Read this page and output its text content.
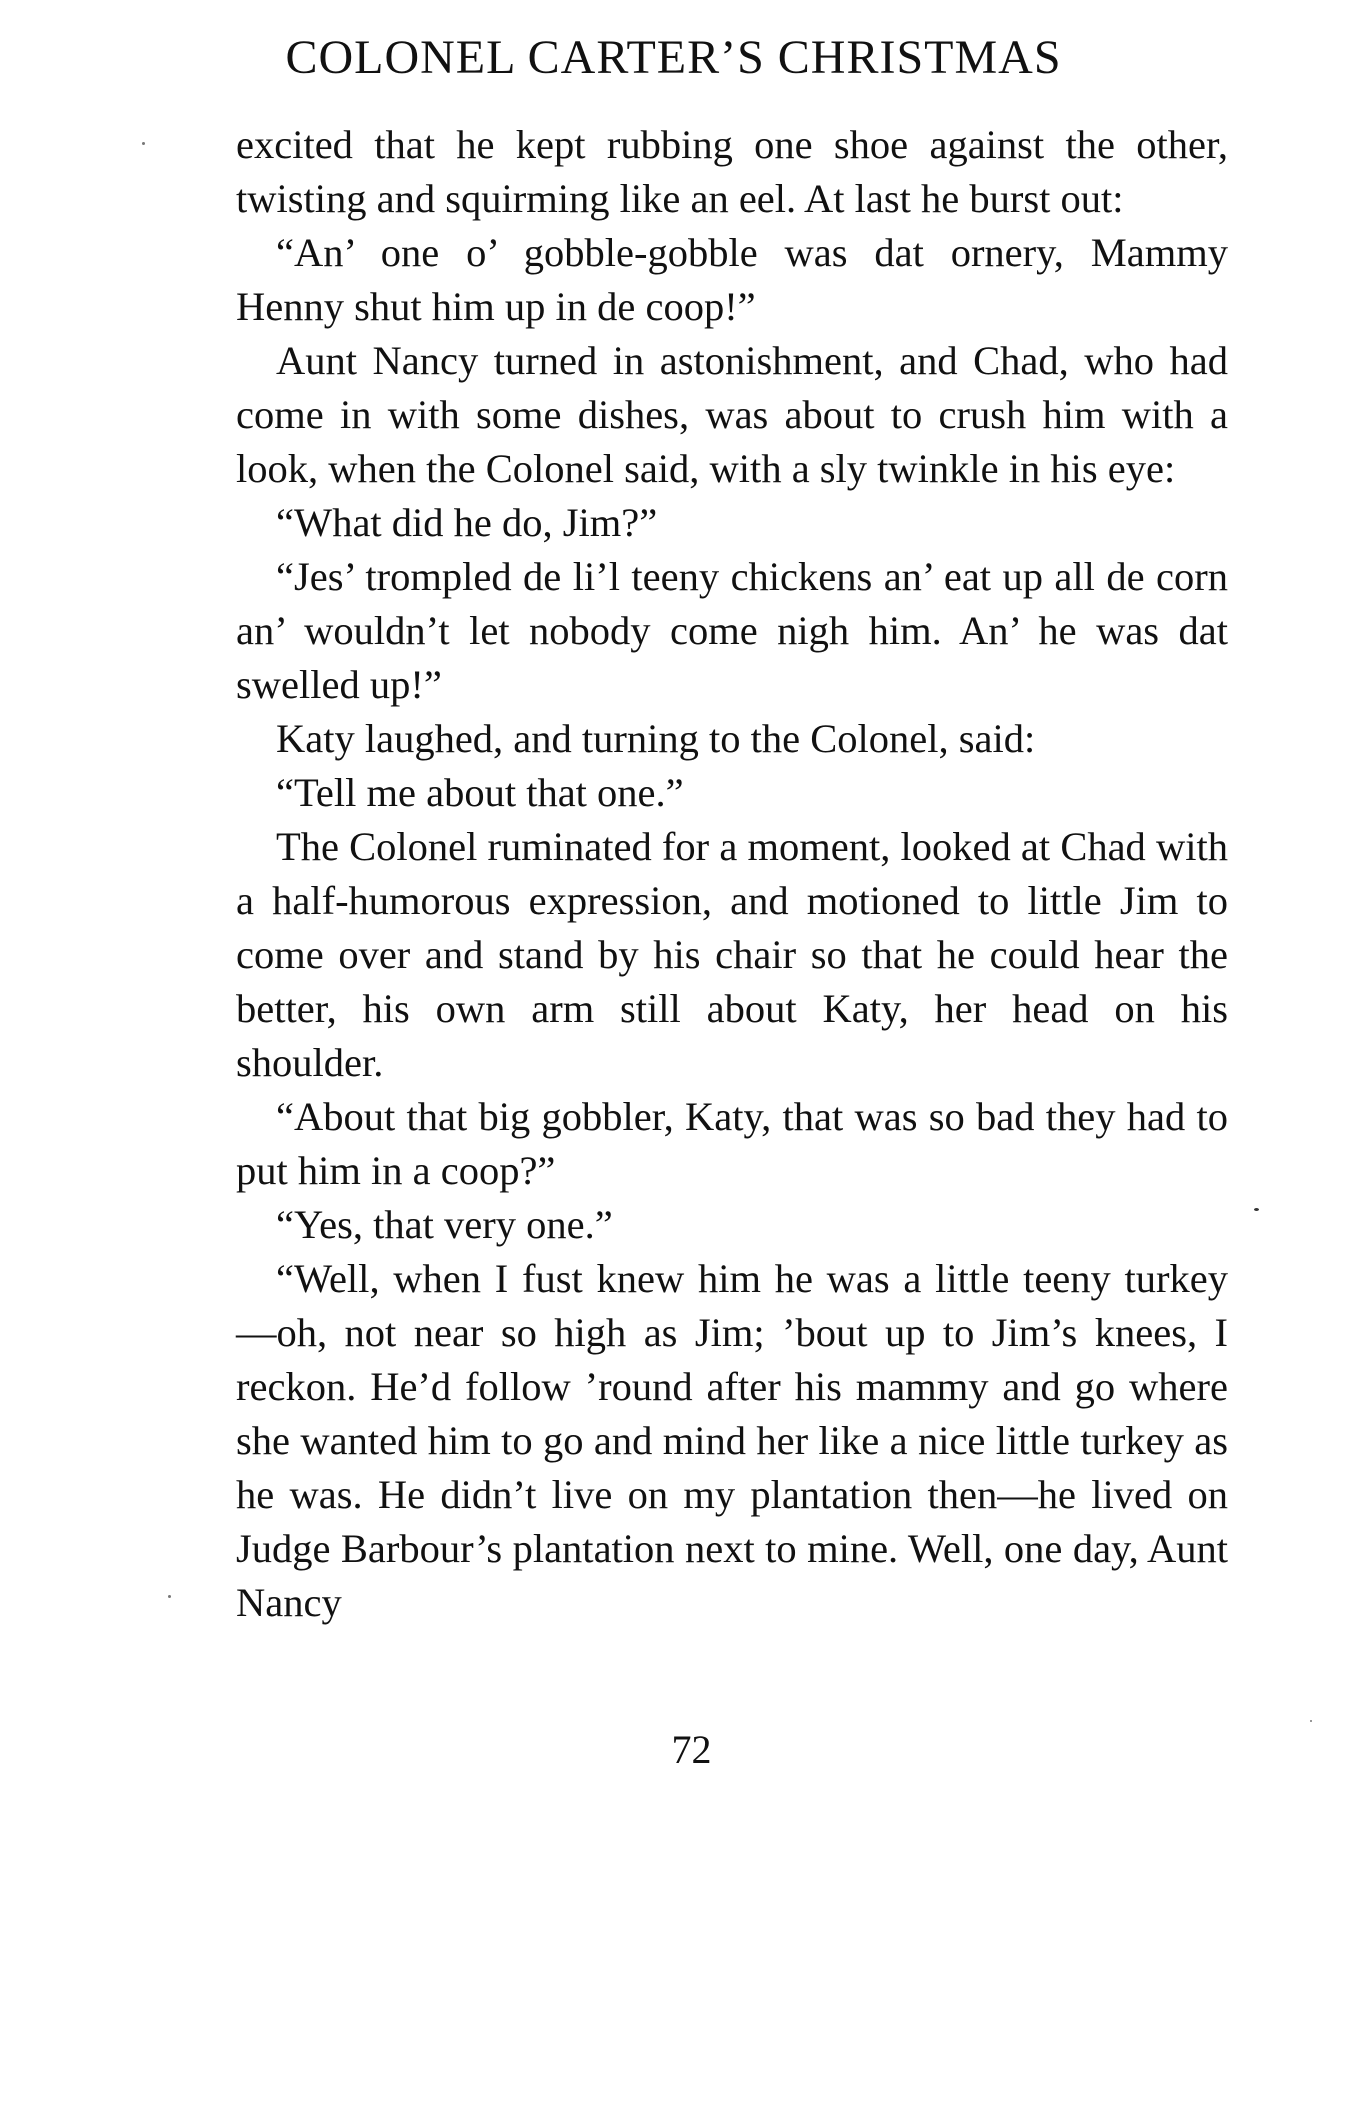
COLONEL CARTER’S CHRISTMAS

excited that he kept rubbing one shoe against the other, twisting and squirming like an eel. At last he burst out:

“An’ one o’ gobble-gobble was dat ornery, Mammy Henny shut him up in de coop!”

Aunt Nancy turned in astonishment, and Chad, who had come in with some dishes, was about to crush him with a look, when the Colonel said, with a sly twinkle in his eye:

“What did he do, Jim?”

“Jes’ trompled de li’l teeny chickens an’ eat up all de corn an’ wouldn’t let nobody come nigh him. An’ he was dat swelled up!”

Katy laughed, and turning to the Colonel, said:

“Tell me about that one.”

The Colonel ruminated for a moment, looked at Chad with a half-humorous expression, and motioned to little Jim to come over and stand by his chair so that he could hear the better, his own arm still about Katy, her head on his shoulder.

“About that big gobbler, Katy, that was so bad they had to put him in a coop?”

“Yes, that very one.”

“Well, when I fust knew him he was a little teeny turkey—oh, not near so high as Jim; ’bout up to Jim’s knees, I reckon. He’d follow ’round after his mammy and go where she wanted him to go and mind her like a nice little turkey as he was. He didn’t live on my plantation then—he lived on Judge Barbour’s plantation next to mine. Well, one day, Aunt Nancy

72
